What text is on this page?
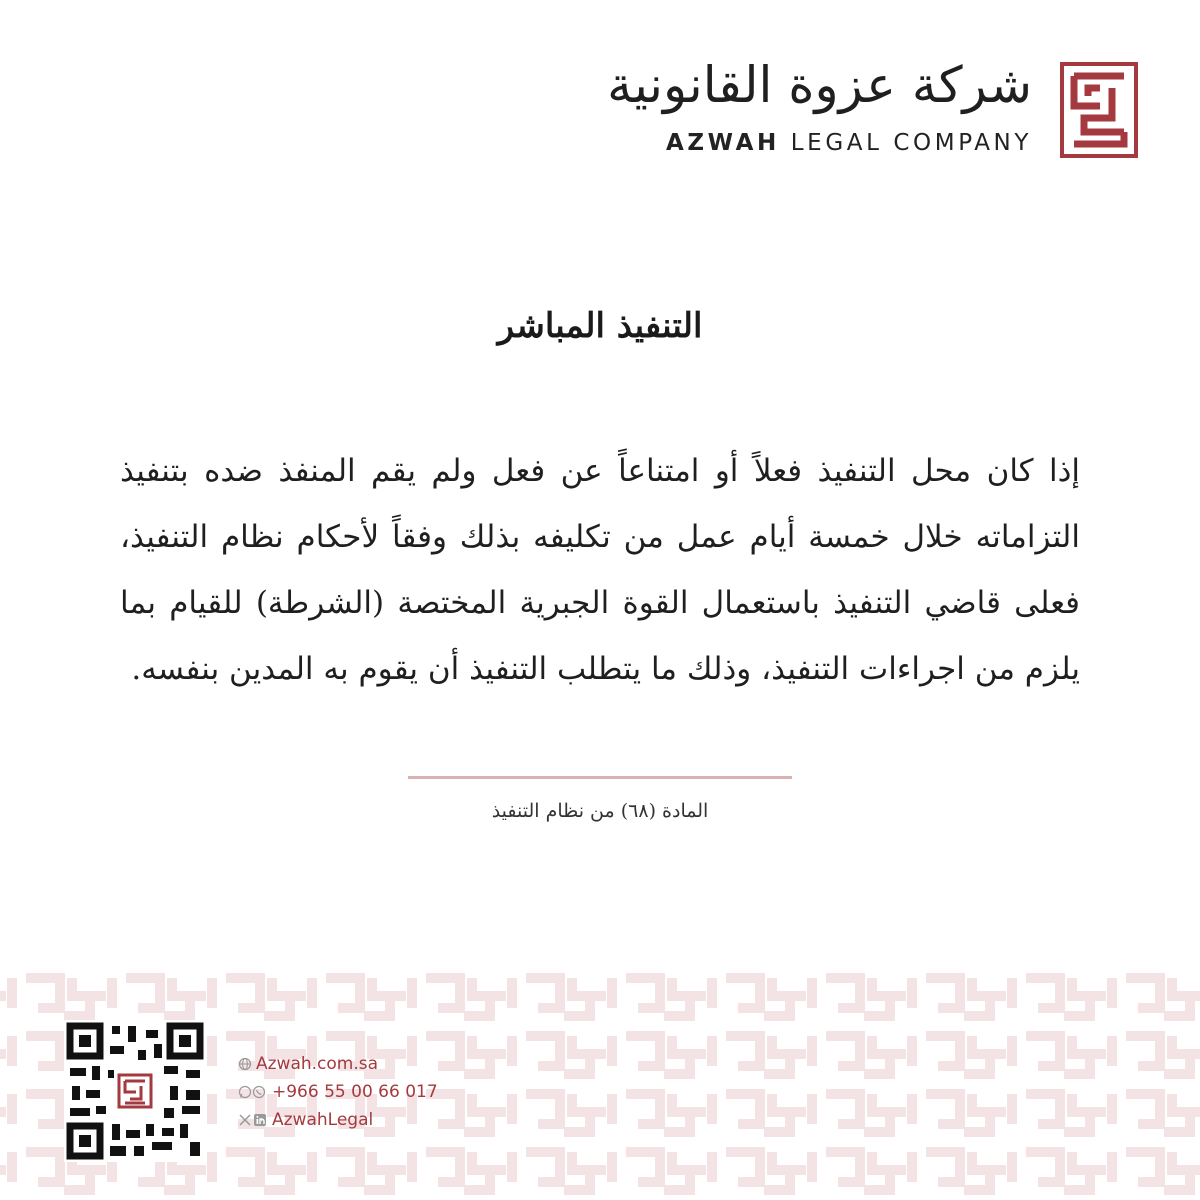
شركة عزوة القانونية
AZWAH LEGAL COMPANY
التنفيذ المباشر
إذا كان محل التنفيذ فعلاً أو امتناعاً عن فعل ولم يقم المنفذ ضده بتنفيذ التزاماته خلال خمسة أيام عمل من تكليفه بذلك وفقاً لأحكام نظام التنفيذ، فعلى قاضي التنفيذ باستعمال القوة الجبرية المختصة (الشرطة) للقيام بما يلزم من اجراءات التنفيذ، وذلك ما يتطلب التنفيذ أن يقوم به المدين بنفسه.
المادة (٦٨) من نظام التنفيذ
Azwah.com.sa
+966 55 00 66 017
AzwahLegal
